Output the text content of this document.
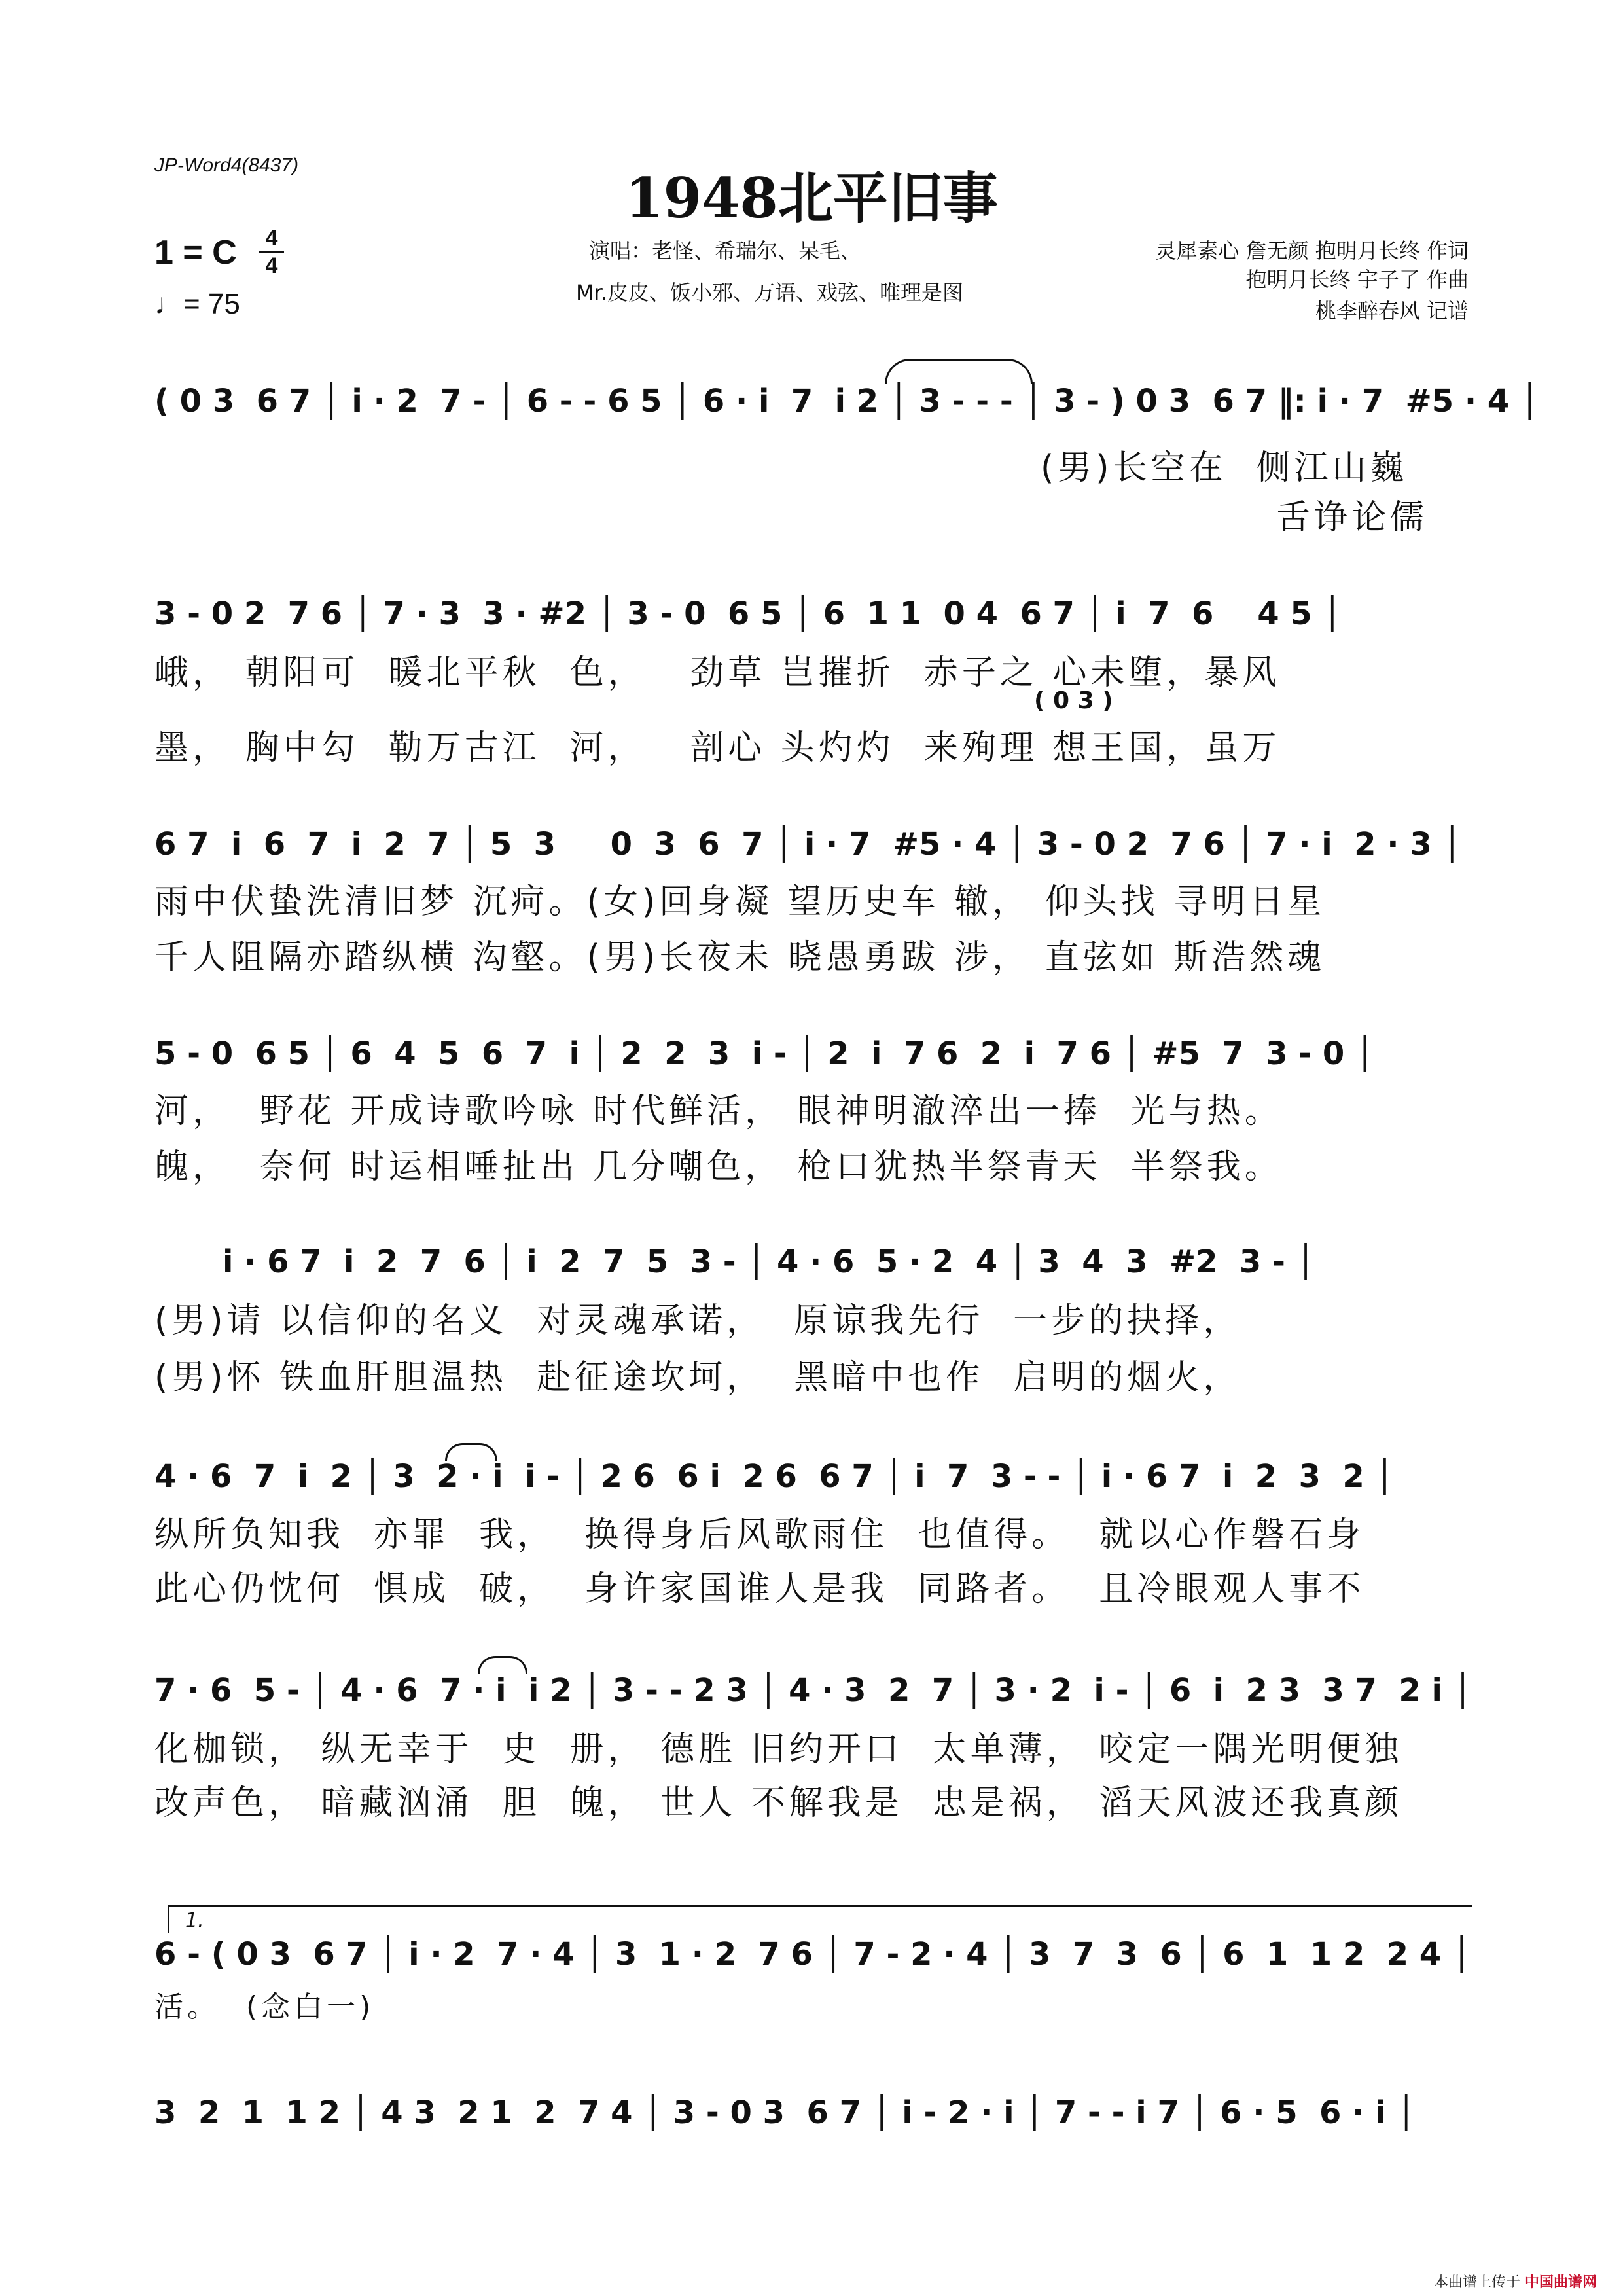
JP-Word4(8437)
1948北平旧事
1 = C	4
4
♩= 75
演唱：老怪、希瑞尔、呆毛、
Mr.皮皮、饭小邪、万语、戏弦、唯理是图
灵犀素心 詹无颜 抱明月长终 作词
抱明月长终 宇子了 作曲
桃李醉春风 记谱
( 0 3  6 7 │ i · 2  7 - │ 6 - - 6 5 │ 6 · i  7  i 2 │ 3 - - - │ 3 - ) 0 3  6 7 ‖: i · 7  #5 · 4 │
(男)长空在  侧江山巍
舌诤论儒
3 - 0 2  7 6 │ 7 · 3  3 · #2 │ 3 - 0  6 5 │ 6  1 1  0 4  6 7 │ i  7  6    4 5 │
峨， 朝阳可  暖北平秋  色，   劲草 岂摧折  赤子之 心未堕，暴风
( 0 3 )
墨， 胸中勾  勒万古江  河，   剖心 头灼灼  来殉理 想王国，虽万
6 7  i  6  7  i  2  7 │ 5  3     0  3  6  7 │ i · 7  #5 · 4 │ 3 - 0 2  7 6 │ 7 · i  2 · 3 │
雨中伏蛰洗清旧梦 沉疴。(女)回身凝 望历史车 辙， 仰头找 寻明日星
千人阻隔亦踏纵横 沟壑。(男)长夜未 晓愚勇跋 涉， 直弦如 斯浩然魂
5 - 0  6 5 │ 6  4  5  6  7  i │ 2  2  3  i - │ 2  i  7 6  2  i  7 6 │ #5  7  3 - 0 │
河，  野花 开成诗歌吟咏 时代鲜活， 眼神明澈淬出一捧  光与热。
魄，  奈何 时运相唾扯出 几分嘲色， 枪口犹热半祭青天  半祭我。
i · 6 7  i  2  7  6 │ i  2  7  5  3 - │ 4 · 6  5 · 2  4 │ 3  4  3  #2  3 - │
(男)请 以信仰的名义  对灵魂承诺，  原谅我先行  一步的抉择，
(男)怀 铁血肝胆温热  赴征途坎坷，  黑暗中也作  启明的烟火，
4 · 6  7  i  2 │ 3  2 · i  i - │ 2 6  6 i  2 6  6 7 │ i  7  3 - - │ i · 6 7  i  2  3  2 │
纵所负知我  亦罪  我，  换得身后风歌雨住  也值得。  就以心作磐石身
此心仍忱何  惧成  破，  身许家国谁人是我  同路者。  且冷眼观人事不
7 · 6  5 - │ 4 · 6  7 · i  i 2 │ 3 - - 2 3 │ 4 · 3  2  7 │ 3 · 2  i - │ 6  i  2 3  3 7  2 i │
化枷锁， 纵无幸于  史  册， 德胜 旧约开口  太单薄， 咬定一隅光明便独
改声色， 暗藏汹涌  胆  魄， 世人 不解我是  忠是祸， 滔天风波还我真颜
1.
6 - ( 0 3  6 7 │ i · 2  7 · 4 │ 3  1 · 2  7 6 │ 7 - 2 · 4 │ 3  7  3  6 │ 6  1  1 2  2 4 │
活。  (念白一)
3  2  1  1 2 │ 4 3  2 1  2  7 4 │ 3 - 0 3  6 7 │ i - 2 · i │ 7 - - i 7 │ 6 · 5  6 · i │
本曲谱上传于 中国曲谱网
